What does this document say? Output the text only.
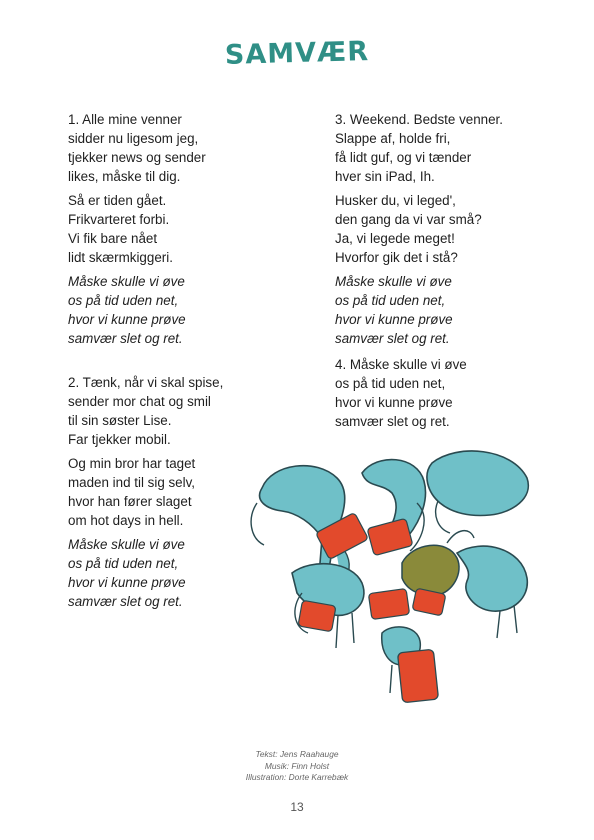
SAMVÆR

1. Alle mine venner
sidder nu ligesom jeg,
tjekker news og sender
likes, måske til dig.

Så er tiden gået.
Frikvarteret forbi.
Vi fik bare nået
lidt skærmkiggeri.

Måske skulle vi øve
os på tid uden net,
hvor vi kunne prøve
samvær slet og ret.

2. Tænk, når vi skal spise,
sender mor chat og smil
til sin søster Lise.
Far tjekker mobil.

Og min bror har taget
maden ind til sig selv,
hvor han fører slaget
om hot days in hell.

Måske skulle vi øve
os på tid uden net,
hvor vi kunne prøve
samvær slet og ret.

3. Weekend. Bedste venner.
Slappe af, holde fri,
få lidt guf, og vi tænder
hver sin iPad, Ih.

Husker du, vi leged',
den gang da vi var små?
Ja, vi legede meget!
Hvorfor gik det i stå?

Måske skulle vi øve
os på tid uden net,
hvor vi kunne prøve
samvær slet og ret.

4. Måske skulle vi øve
os på tid uden net,
hvor vi kunne prøve
samvær slet og ret.

Tekst: Jens Raahauge
Musik: Finn Holst
Illustration: Dorte Karrebæk
13
